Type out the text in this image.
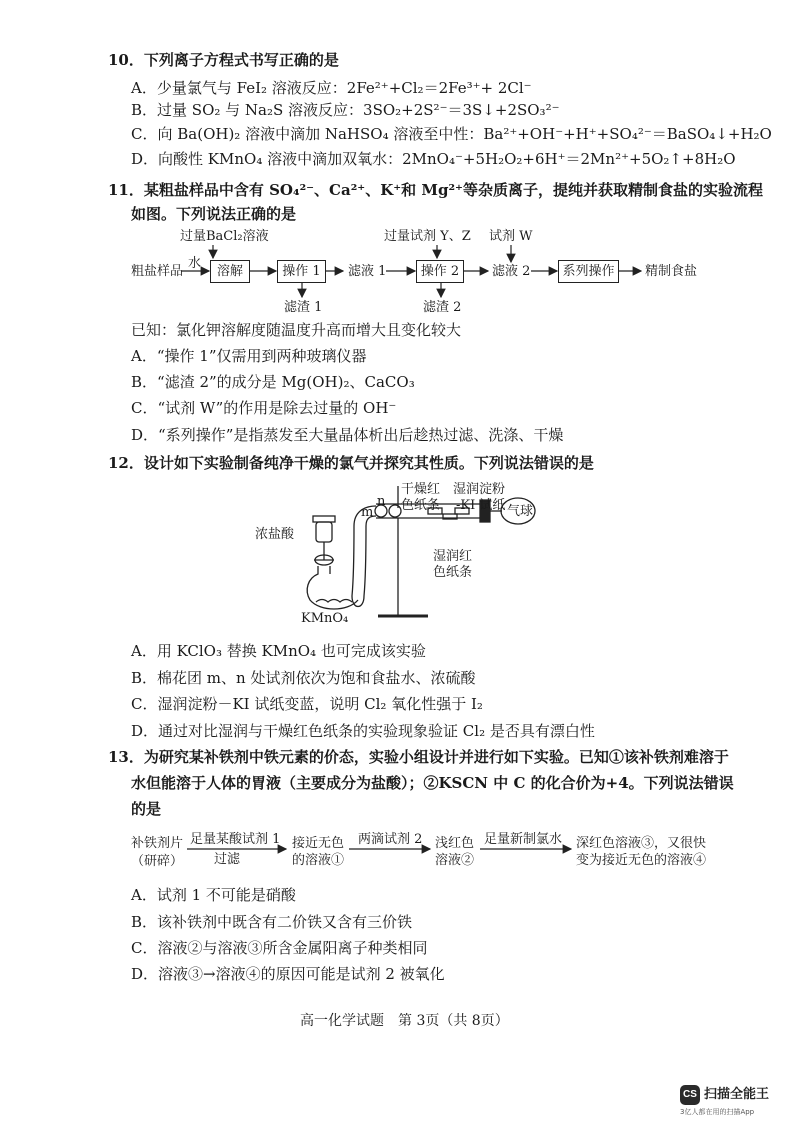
10．下列离子方程式书写正确的是
A．少量氯气与 FeI₂ 溶液反应：2Fe²⁺+Cl₂＝2Fe³⁺+ 2Cl⁻
B．过量 SO₂ 与 Na₂S 溶液反应：3SO₂+2S²⁻＝3S↓+2SO₃²⁻
C．向 Ba(OH)₂ 溶液中滴加 NaHSO₄ 溶液至中性：Ba²⁺+OH⁻+H⁺+SO₄²⁻＝BaSO₄↓+H₂O
D．向酸性 KMnO₄ 溶液中滴加双氧水：2MnO₄⁻+5H₂O₂+6H⁺＝2Mn²⁺+5O₂↑+8H₂O
11．某粗盐样品中含有 SO₄²⁻、Ca²⁺、K⁺和 Mg²⁺等杂质离子，提纯并获取精制食盐的实验流程
如图。下列说法正确的是
粗盐样品
水
过量BaCl₂溶液
溶解	操作 1
滤渣 1
滤液 1
过量试剂 Y、Z
操作 2
滤渣 2
滤液 2
试剂 W
系列操作	精制食盐
已知：氯化钾溶解度随温度升高而增大且变化较大
A．“操作 1”仅需用到两种玻璃仪器
B．“滤渣 2”的成分是 Mg(OH)₂、CaCO₃
C．“试剂 W”的作用是除去过量的 OH⁻
D．“系列操作”是指蒸发至大量晶体析出后趁热过滤、洗涤、干燥
12．设计如下实验制备纯净干燥的氯气并探究其性质。下列说法错误的是
浓盐酸
KMnO₄
m
n
干燥红
色纸条
湿润淀粉
-KI 试纸
湿润红
色纸条
气球
A．用 KClO₃ 替换 KMnO₄ 也可完成该实验
B．棉花团 m、n 处试剂依次为饱和食盐水、浓硫酸
C．湿润淀粉－KI 试纸变蓝，说明 Cl₂ 氧化性强于 I₂
D．通过对比湿润与干燥红色纸条的实验现象验证 Cl₂ 是否具有漂白性
13．为研究某补铁剂中铁元素的价态，实验小组设计并进行如下实验。已知①该补铁剂难溶于
水但能溶于人体的胃液（主要成分为盐酸）；②KSCN 中 C 的化合价为+4。下列说法错误
的是
补铁剂片
（研碎）
足量某酸试剂 1
过滤
接近无色
的溶液①
两滴试剂 2 浅红色
溶液②
足量新制氯水 深红色溶液③，又很快
变为接近无色的溶液④
A．试剂 1 不可能是硝酸
B．该补铁剂中既含有二价铁又含有三价铁
C．溶液②与溶液③所含金属阳离子种类相同
D．溶液③→溶液④的原因可能是试剂 2 被氧化
高一化学试题　第 3页（共 8页）
CS 扫描全能王
3亿人都在用的扫描App
